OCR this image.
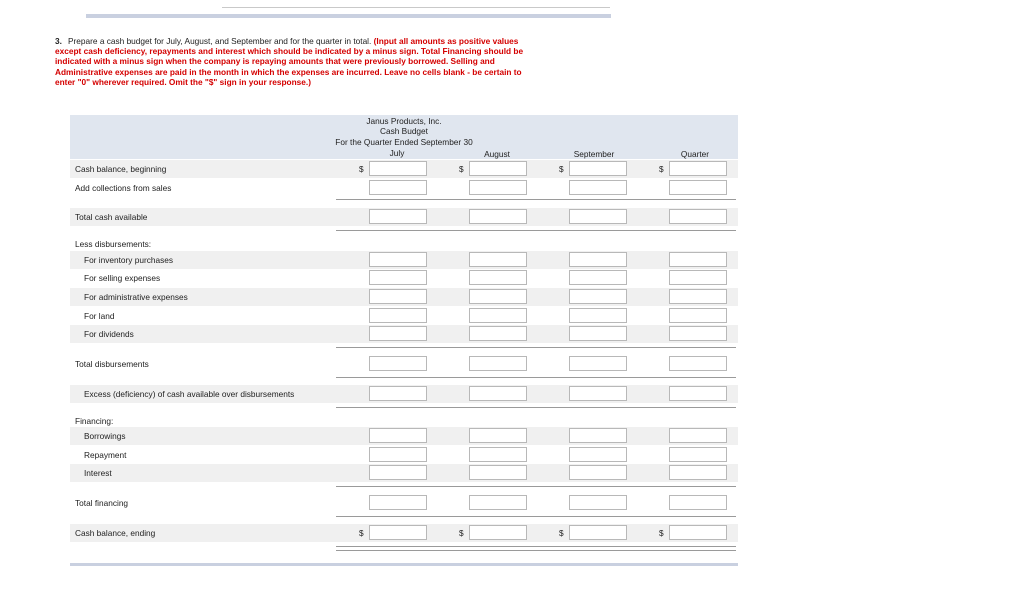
3. Prepare a cash budget for July, August, and September and for the quarter in total. (Input all amounts as positive values except cash deficiency, repayments and interest which should be indicated by a minus sign. Total Financing should be indicated with a minus sign when the company is repaying amounts that were previously borrowed. Selling and Administrative expenses are paid in the month in which the expenses are incurred. Leave no cells blank - be certain to enter "0" wherever required. Omit the "$" sign in your response.)
Janus Products, Inc.
Cash Budget
For the Quarter Ended September 30
July	August	September	Quarter
Cash balance, beginning	$	$	$	$
Add collections from sales
Total cash available
Less disbursements:
For inventory purchases
For selling expenses
For administrative expenses
For land
For dividends
Total disbursements
Excess (deficiency) of cash available over disbursements
Financing:
Borrowings
Repayment
Interest
Total financing
Cash balance, ending	$	$	$	$
